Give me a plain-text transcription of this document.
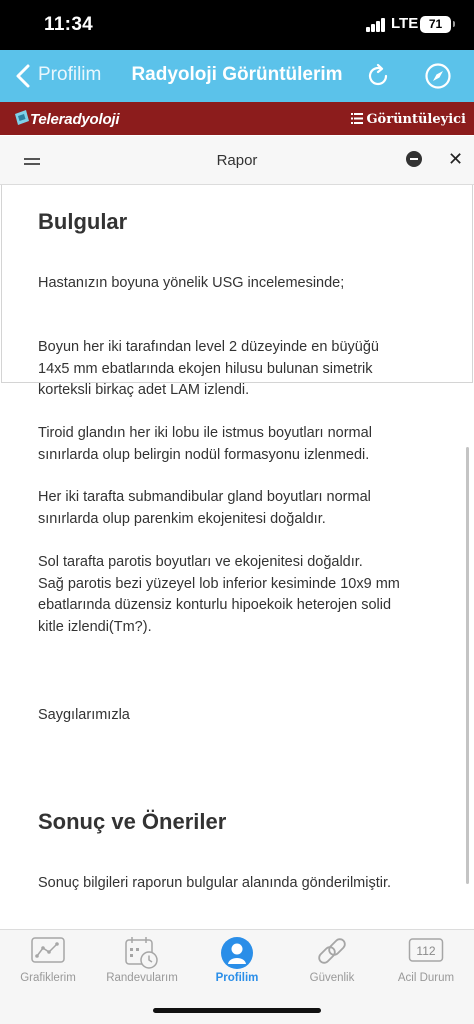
11:34	LTE 71
Profilim	Radyoloji Görüntülerim
Teleradyoloji	Görüntüleyici
Rapor	✕
Bulgular
Hastanızın boyuna yönelik USG incelemesinde;
Boyun her iki tarafından level 2 düzeyinde en büyüğü
14x5 mm ebatlarında ekojen hilusu bulunan simetrik
korteksli birkaç adet LAM izlendi.
Tiroid glandın her iki lobu ile istmus boyutları normal
sınırlarda olup belirgin nodül formasyonu izlenmedi.
Her iki tarafta submandibular gland boyutları normal
sınırlarda olup parenkim ekojenitesi doğaldır.
Sol tarafta parotis boyutları ve ekojenitesi doğaldır.
Sağ parotis bezi yüzeyel lob inferior kesiminde 10x9 mm
ebatlarında düzensiz konturlu hipoekoik heterojen solid
kitle izlendi(Tm?).
Saygılarımızla
Sonuç ve Öneriler
Sonuç bilgileri raporun bulgular alanında gönderilmiştir.
Grafiklerim	Randevularım	Profilim	Güvenlik
112
Acil Durum
